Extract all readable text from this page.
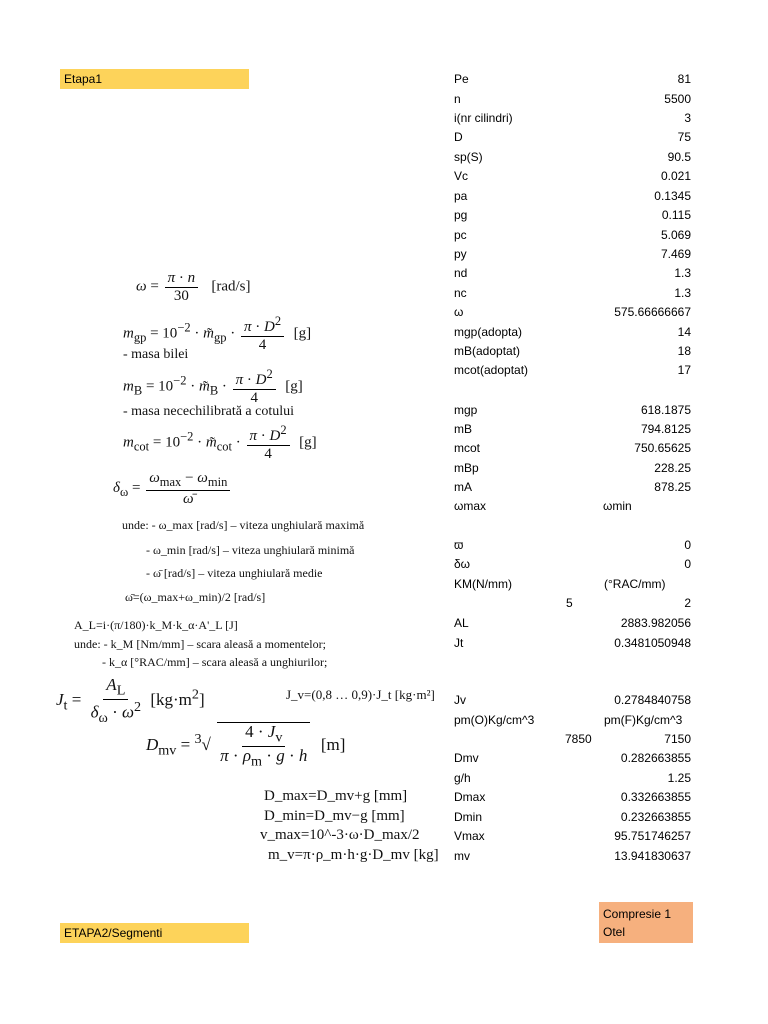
Etapa1
ETAPA2/Segmenti
Compresie 1
Otel
$\omega = \frac{\pi \cdot n}{30} [rad/s]$
$m_{gp} = 10^{-2}$ · $m̃_{gp} \cdot \frac{\pi \cdot D^2}{4} [g]$
- masa bilei
$m_B = 10^{-2}$ · $m̃_B \cdot \frac{\pi \cdot D^2}{4} [g]$
- masa necechilibrată a cotului
$m_{cot} = 10^{-2}$ · $m̃_{cot} \cdot \frac{\pi \cdot D^2}{4} [g]$
$\delta_\omega = \frac{\omega_{max} - \omega_{min}}{\omegā}$
unde: - ω_max [rad/s] – viteza unghiulară maximă
- ω_min [rad/s] – viteza unghiulară minimă
- ω̄ [rad/s] – viteza unghiulară medie
ω̄=(ω_max+ω_min)/2 [rad/s]
A_L=i·(π/180)·k_M·k_α·A'_L [J]
unde: - k_M [Nm/mm] – scara aleasă a momentelor;
- k_α [°RAC/mm] – scara aleasă a unghiurilor;
$J_t = \frac{A_L}{\delta_\omega \cdot \omega^2} [kg\cdot m^2]$	J_v=(0,8 … 0,9)·J_t [kg·m²]
$D_{mv} = ^3√ \frac{4 \cdot J_v}{\pi \cdot \rho_m \cdot g \cdot h} [m]$
D_max=D_mv+g [mm]
D_min=D_mv−g [mm]
v_max=10^-3·ω·D_max/2
m_v=π·ρ_m·h·g·D_mv [kg]
Pe	81
n	5500
i(nr cilindri)	3
D	75
sp(S)	90.5
Vc	0.021
pa	0.1345
pg	0.115
pc	5.069
py	7.469
nd	1.3
nc	1.3
ω	575.66666667
mgp(adopta)	14
mB(adoptat)	18
mcot(adoptat)	17
mgp	618.1875
mB	794.8125
mcot	750.65625
mBp	228.25
mA	878.25
ωmax	ωmin
ϖ	0
δω	0
KM(N/mm)	(°RAC/mm)
5	2
AL	2883.982056
Jt	0.3481050948
Jv	0.2784840758
pm(O)Kg/cm^3	pm(F)Kg/cm^3
7850	7150
Dmv	0.282663855
g/h	1.25
Dmax	0.332663855
Dmin	0.232663855
Vmax	95.751746257
mv	13.941830637
